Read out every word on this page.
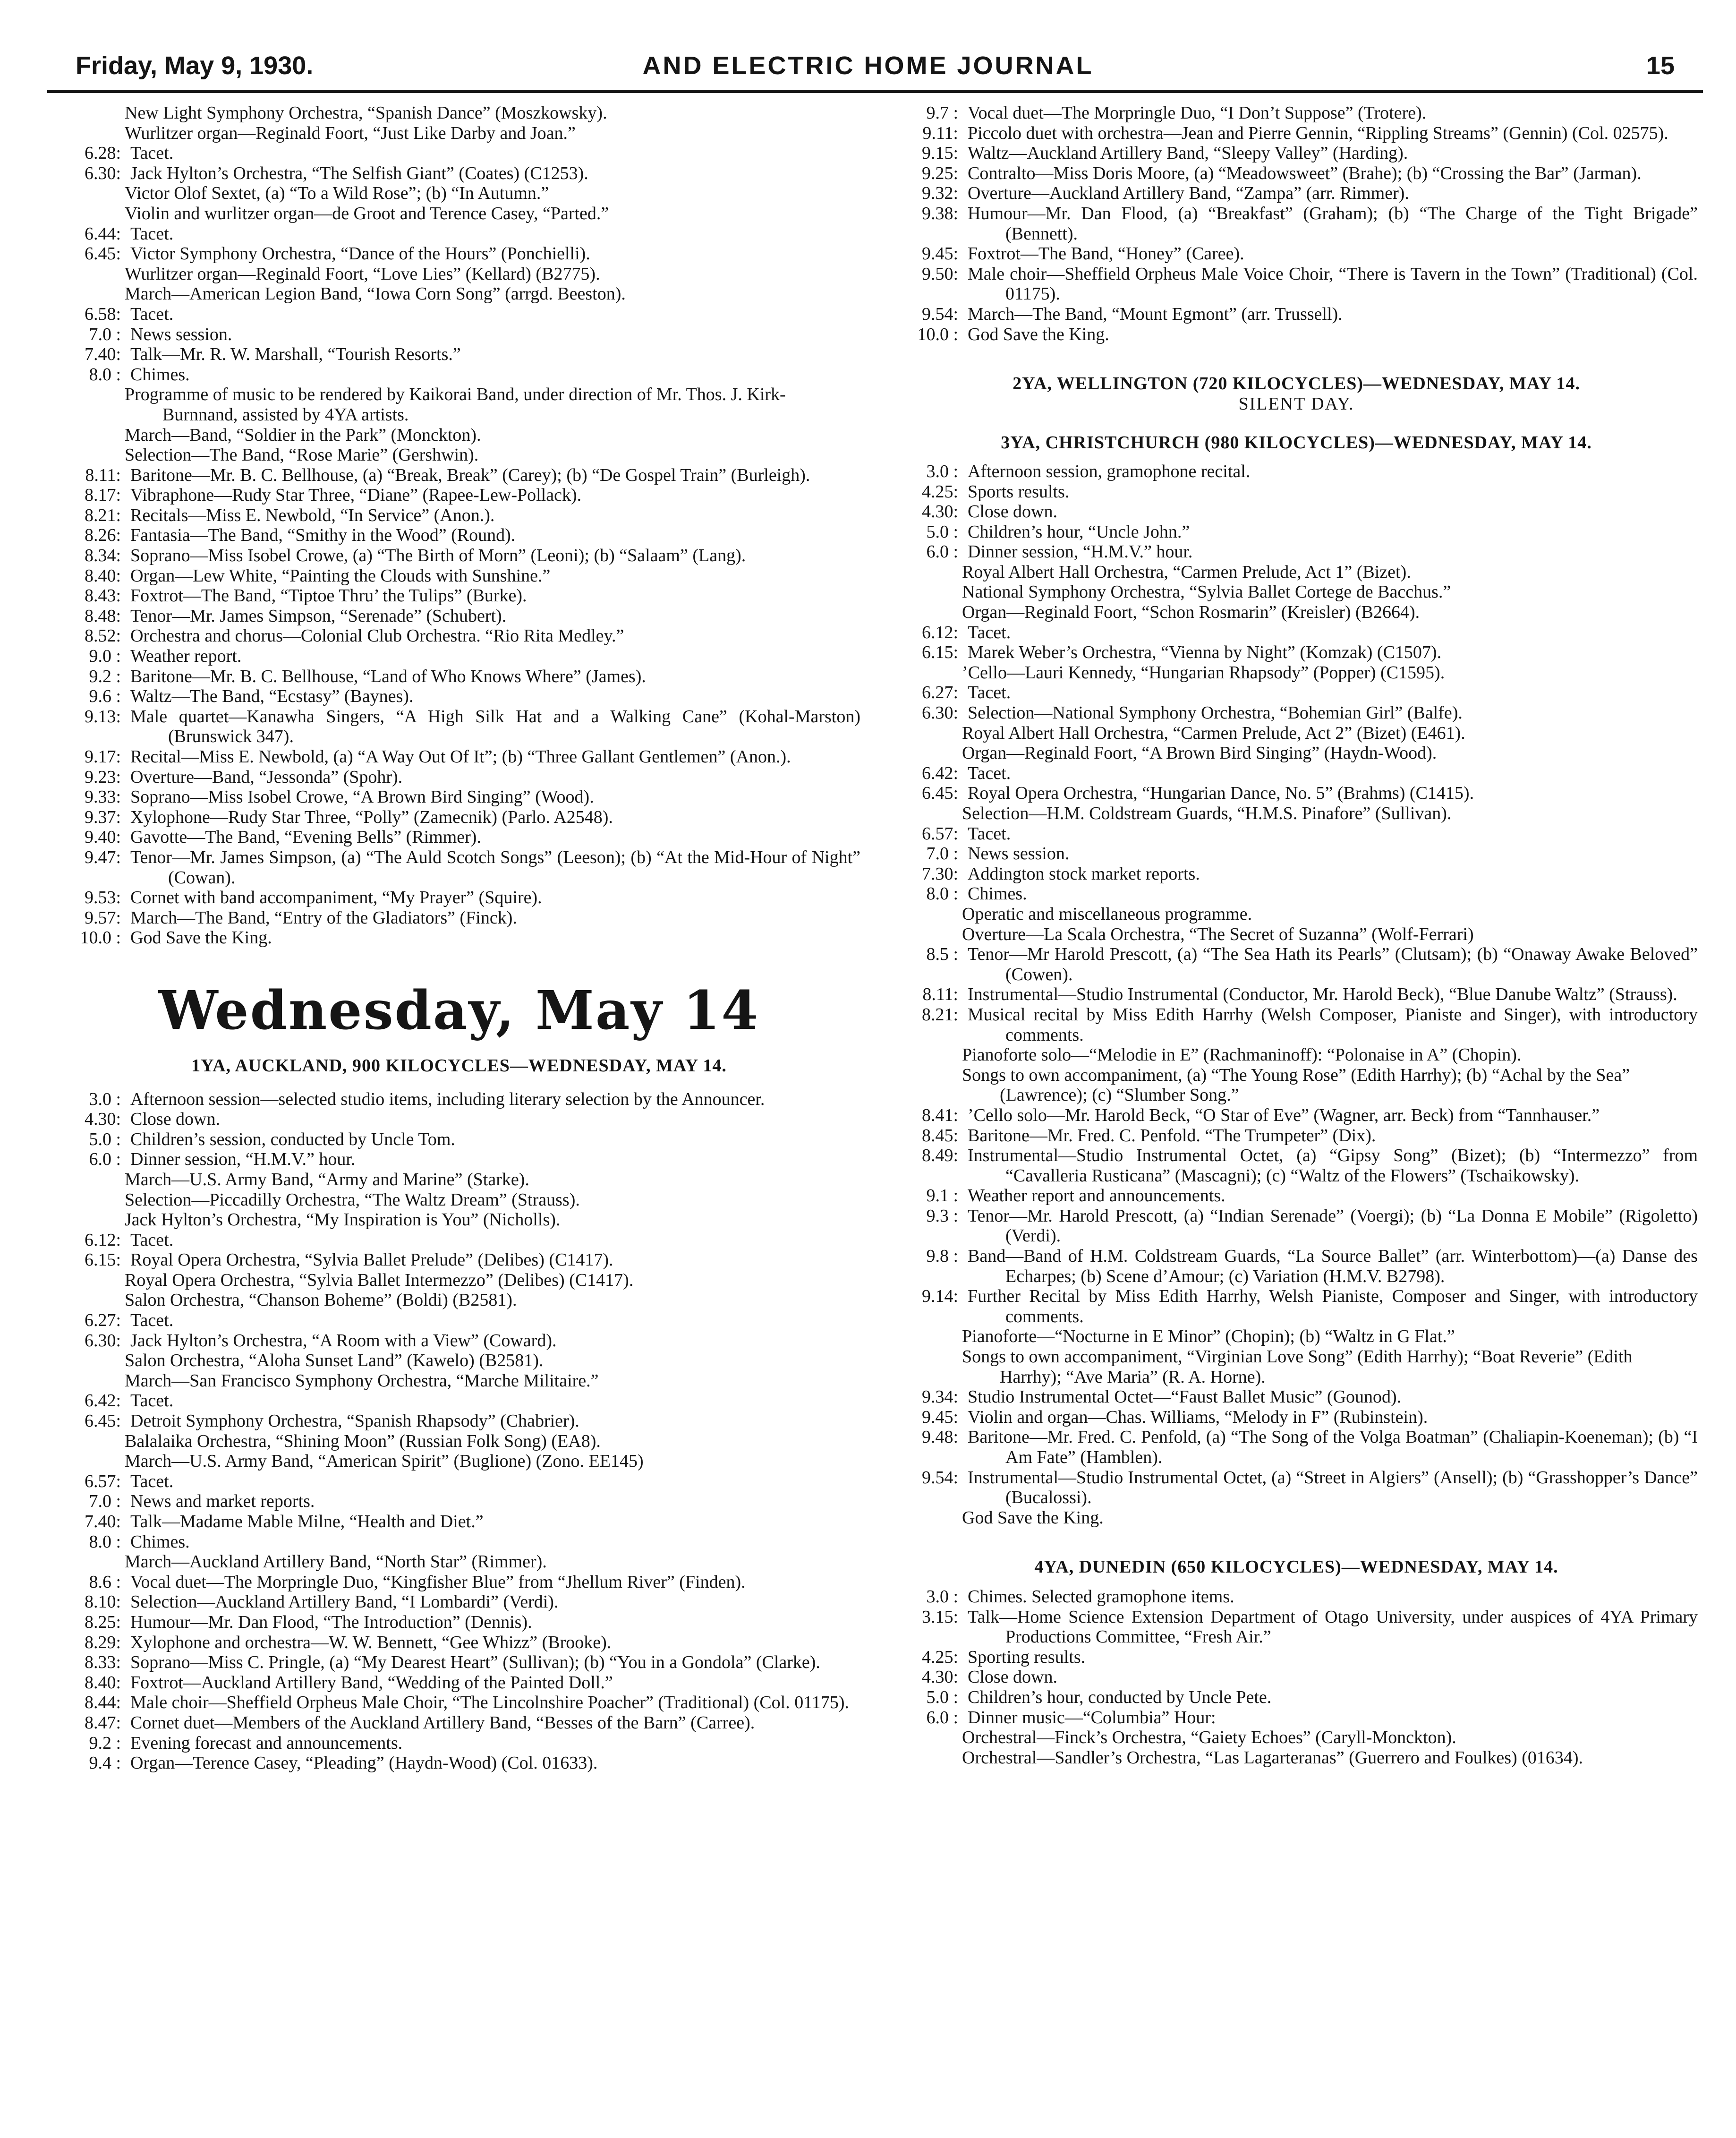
Friday, May 9, 1930.	AND ELECTRIC HOME JOURNAL	15
New Light Symphony Orchestra, “Spanish Dance” (Moszkowsky).
Wurlitzer organ—Reginald Foort, “Just Like Darby and Joan.”
6.28: Tacet.
6.30: Jack Hylton’s Orchestra, “The Selfish Giant” (Coates) (C1253).
Victor Olof Sextet, (a) “To a Wild Rose”; (b) “In Autumn.”
Violin and wurlitzer organ—de Groot and Terence Casey, “Parted.”
6.44: Tacet.
6.45: Victor Symphony Orchestra, “Dance of the Hours” (Ponchielli).
Wurlitzer organ—Reginald Foort, “Love Lies” (Kellard) (B2775).
March—American Legion Band, “Iowa Corn Song” (arrgd. Beeston).
6.58: Tacet.
7.0 : News session.
7.40: Talk—Mr. R. W. Marshall, “Tourish Resorts.”
8.0 : Chimes.
Programme of music to be rendered by Kaikorai Band, under direction of Mr. Thos. J. Kirk-Burnnand, assisted by 4YA artists.
March—Band, “Soldier in the Park” (Monckton).
Selection—The Band, “Rose Marie” (Gershwin).
8.11: Baritone—Mr. B. C. Bellhouse, (a) “Break, Break” (Carey); (b) “De Gospel Train” (Burleigh).
8.17: Vibraphone—Rudy Star Three, “Diane” (Rapee-Lew-Pollack).
8.21: Recitals—Miss E. Newbold, “In Service” (Anon.).
8.26: Fantasia—The Band, “Smithy in the Wood” (Round).
8.34: Soprano—Miss Isobel Crowe, (a) “The Birth of Morn” (Leoni); (b) “Salaam” (Lang).
8.40: Organ—Lew White, “Painting the Clouds with Sunshine.”
8.43: Foxtrot—The Band, “Tiptoe Thru’ the Tulips” (Burke).
8.48: Tenor—Mr. James Simpson, “Serenade” (Schubert).
8.52: Orchestra and chorus—Colonial Club Orchestra. “Rio Rita Medley.”
9.0 : Weather report.
9.2 : Baritone—Mr. B. C. Bellhouse, “Land of Who Knows Where” (James).
9.6 : Waltz—The Band, “Ecstasy” (Baynes).
9.13: Male quartet—Kanawha Singers, “A High Silk Hat and a Walking Cane” (Kohal-Marston) (Brunswick 347).
9.17: Recital—Miss E. Newbold, (a) “A Way Out Of It”; (b) “Three Gallant Gentlemen” (Anon.).
9.23: Overture—Band, “Jessonda” (Spohr).
9.33: Soprano—Miss Isobel Crowe, “A Brown Bird Singing” (Wood).
9.37: Xylophone—Rudy Star Three, “Polly” (Zamecnik) (Parlo. A2548).
9.40: Gavotte—The Band, “Evening Bells” (Rimmer).
9.47: Tenor—Mr. James Simpson, (a) “The Auld Scotch Songs” (Leeson); (b) “At the Mid-Hour of Night” (Cowan).
9.53: Cornet with band accompaniment, “My Prayer” (Squire).
9.57: March—The Band, “Entry of the Gladiators” (Finck).
10.0 : God Save the King.
Wednesday, May 14
1YA, AUCKLAND, 900 KILOCYCLES—WEDNESDAY, MAY 14.
3.0 : Afternoon session—selected studio items, including literary selection by the Announcer.
4.30: Close down.
5.0 : Children’s session, conducted by Uncle Tom.
6.0 : Dinner session, “H.M.V.” hour.
March—U.S. Army Band, “Army and Marine” (Starke).
Selection—Piccadilly Orchestra, “The Waltz Dream” (Strauss).
Jack Hylton’s Orchestra, “My Inspiration is You” (Nicholls).
6.12: Tacet.
6.15: Royal Opera Orchestra, “Sylvia Ballet Prelude” (Delibes) (C1417).
Royal Opera Orchestra, “Sylvia Ballet Intermezzo” (Delibes) (C1417).
Salon Orchestra, “Chanson Boheme” (Boldi) (B2581).
6.27: Tacet.
6.30: Jack Hylton’s Orchestra, “A Room with a View” (Coward).
Salon Orchestra, “Aloha Sunset Land” (Kawelo) (B2581).
March—San Francisco Symphony Orchestra, “Marche Militaire.”
6.42: Tacet.
6.45: Detroit Symphony Orchestra, “Spanish Rhapsody” (Chabrier).
Balalaika Orchestra, “Shining Moon” (Russian Folk Song) (EA8).
March—U.S. Army Band, “American Spirit” (Buglione) (Zono. EE145)
6.57: Tacet.
7.0 : News and market reports.
7.40: Talk—Madame Mable Milne, “Health and Diet.”
8.0 : Chimes.
March—Auckland Artillery Band, “North Star” (Rimmer).
8.6 : Vocal duet—The Morpringle Duo, “Kingfisher Blue” from “Jhellum River” (Finden).
8.10: Selection—Auckland Artillery Band, “I Lombardi” (Verdi).
8.25: Humour—Mr. Dan Flood, “The Introduction” (Dennis).
8.29: Xylophone and orchestra—W. W. Bennett, “Gee Whizz” (Brooke).
8.33: Soprano—Miss C. Pringle, (a) “My Dearest Heart” (Sullivan); (b) “You in a Gondola” (Clarke).
8.40: Foxtrot—Auckland Artillery Band, “Wedding of the Painted Doll.”
8.44: Male choir—Sheffield Orpheus Male Choir, “The Lincolnshire Poacher” (Traditional) (Col. 01175).
8.47: Cornet duet—Members of the Auckland Artillery Band, “Besses of the Barn” (Carree).
9.2 : Evening forecast and announcements.
9.4 : Organ—Terence Casey, “Pleading” (Haydn-Wood) (Col. 01633).
9.7 : Vocal duet—The Morpringle Duo, “I Don’t Suppose” (Trotere).
9.11: Piccolo duet with orchestra—Jean and Pierre Gennin, “Rippling Streams” (Gennin) (Col. 02575).
9.15: Waltz—Auckland Artillery Band, “Sleepy Valley” (Harding).
9.25: Contralto—Miss Doris Moore, (a) “Meadowsweet” (Brahe); (b) “Crossing the Bar” (Jarman).
9.32: Overture—Auckland Artillery Band, “Zampa” (arr. Rimmer).
9.38: Humour—Mr. Dan Flood, (a) “Breakfast” (Graham); (b) “The Charge of the Tight Brigade” (Bennett).
9.45: Foxtrot—The Band, “Honey” (Caree).
9.50: Male choir—Sheffield Orpheus Male Voice Choir, “There is Tavern in the Town” (Traditional) (Col. 01175).
9.54: March—The Band, “Mount Egmont” (arr. Trussell).
10.0 : God Save the King.
2YA, WELLINGTON (720 KILOCYCLES)—WEDNESDAY, MAY 14.
SILENT DAY.
3YA, CHRISTCHURCH (980 KILOCYCLES)—WEDNESDAY, MAY 14.
3.0 : Afternoon session, gramophone recital.
4.25: Sports results.
4.30: Close down.
5.0 : Children’s hour, “Uncle John.”
6.0 : Dinner session, “H.M.V.” hour.
Royal Albert Hall Orchestra, “Carmen Prelude, Act 1” (Bizet).
National Symphony Orchestra, “Sylvia Ballet Cortege de Bacchus.”
Organ—Reginald Foort, “Schon Rosmarin” (Kreisler) (B2664).
6.12: Tacet.
6.15: Marek Weber’s Orchestra, “Vienna by Night” (Komzak) (C1507).
’Cello—Lauri Kennedy, “Hungarian Rhapsody” (Popper) (C1595).
6.27: Tacet.
6.30: Selection—National Symphony Orchestra, “Bohemian Girl” (Balfe).
Royal Albert Hall Orchestra, “Carmen Prelude, Act 2” (Bizet) (E461).
Organ—Reginald Foort, “A Brown Bird Singing” (Haydn-Wood).
6.42: Tacet.
6.45: Royal Opera Orchestra, “Hungarian Dance, No. 5” (Brahms) (C1415).
Selection—H.M. Coldstream Guards, “H.M.S. Pinafore” (Sullivan).
6.57: Tacet.
7.0 : News session.
7.30: Addington stock market reports.
8.0 : Chimes.
Operatic and miscellaneous programme.
Overture—La Scala Orchestra, “The Secret of Suzanna” (Wolf-Ferrari)
8.5 : Tenor—Mr Harold Prescott, (a) “The Sea Hath its Pearls” (Clutsam); (b) “Onaway Awake Beloved” (Cowen).
8.11: Instrumental—Studio Instrumental (Conductor, Mr. Harold Beck), “Blue Danube Waltz” (Strauss).
8.21: Musical recital by Miss Edith Harrhy (Welsh Composer, Pianiste and Singer), with introductory comments.
Pianoforte solo—“Melodie in E” (Rachmaninoff): “Polonaise in A” (Chopin).
Songs to own accompaniment, (a) “The Young Rose” (Edith Harrhy); (b) “Achal by the Sea” (Lawrence); (c) “Slumber Song.”
8.41: ’Cello solo—Mr. Harold Beck, “O Star of Eve” (Wagner, arr. Beck) from “Tannhauser.”
8.45: Baritone—Mr. Fred. C. Penfold. “The Trumpeter” (Dix).
8.49: Instrumental—Studio Instrumental Octet, (a) “Gipsy Song” (Bizet); (b) “Intermezzo” from “Cavalleria Rusticana” (Mascagni); (c) “Waltz of the Flowers” (Tschaikowsky).
9.1 : Weather report and announcements.
9.3 : Tenor—Mr. Harold Prescott, (a) “Indian Serenade” (Voergi); (b) “La Donna E Mobile” (Rigoletto) (Verdi).
9.8 : Band—Band of H.M. Coldstream Guards, “La Source Ballet” (arr. Winterbottom)—(a) Danse des Echarpes; (b) Scene d’Amour; (c) Variation (H.M.V. B2798).
9.14: Further Recital by Miss Edith Harrhy, Welsh Pianiste, Composer and Singer, with introductory comments.
Pianoforte—“Nocturne in E Minor” (Chopin); (b) “Waltz in G Flat.”
Songs to own accompaniment, “Virginian Love Song” (Edith Harrhy); “Boat Reverie” (Edith Harrhy); “Ave Maria” (R. A. Horne).
9.34: Studio Instrumental Octet—“Faust Ballet Music” (Gounod).
9.45: Violin and organ—Chas. Williams, “Melody in F” (Rubinstein).
9.48: Baritone—Mr. Fred. C. Penfold, (a) “The Song of the Volga Boatman” (Chaliapin-Koeneman); (b) “I Am Fate” (Hamblen).
9.54: Instrumental—Studio Instrumental Octet, (a) “Street in Algiers” (Ansell); (b) “Grasshopper’s Dance” (Bucalossi).
God Save the King.
4YA, DUNEDIN (650 KILOCYCLES)—WEDNESDAY, MAY 14.
3.0 : Chimes. Selected gramophone items.
3.15: Talk—Home Science Extension Department of Otago University, under auspices of 4YA Primary Productions Committee, “Fresh Air.”
4.25: Sporting results.
4.30: Close down.
5.0 : Children’s hour, conducted by Uncle Pete.
6.0 : Dinner music—“Columbia” Hour:
Orchestral—Finck’s Orchestra, “Gaiety Echoes” (Caryll-Monckton).
Orchestral—Sandler’s Orchestra, “Las Lagarteranas” (Guerrero and Foulkes) (01634).
